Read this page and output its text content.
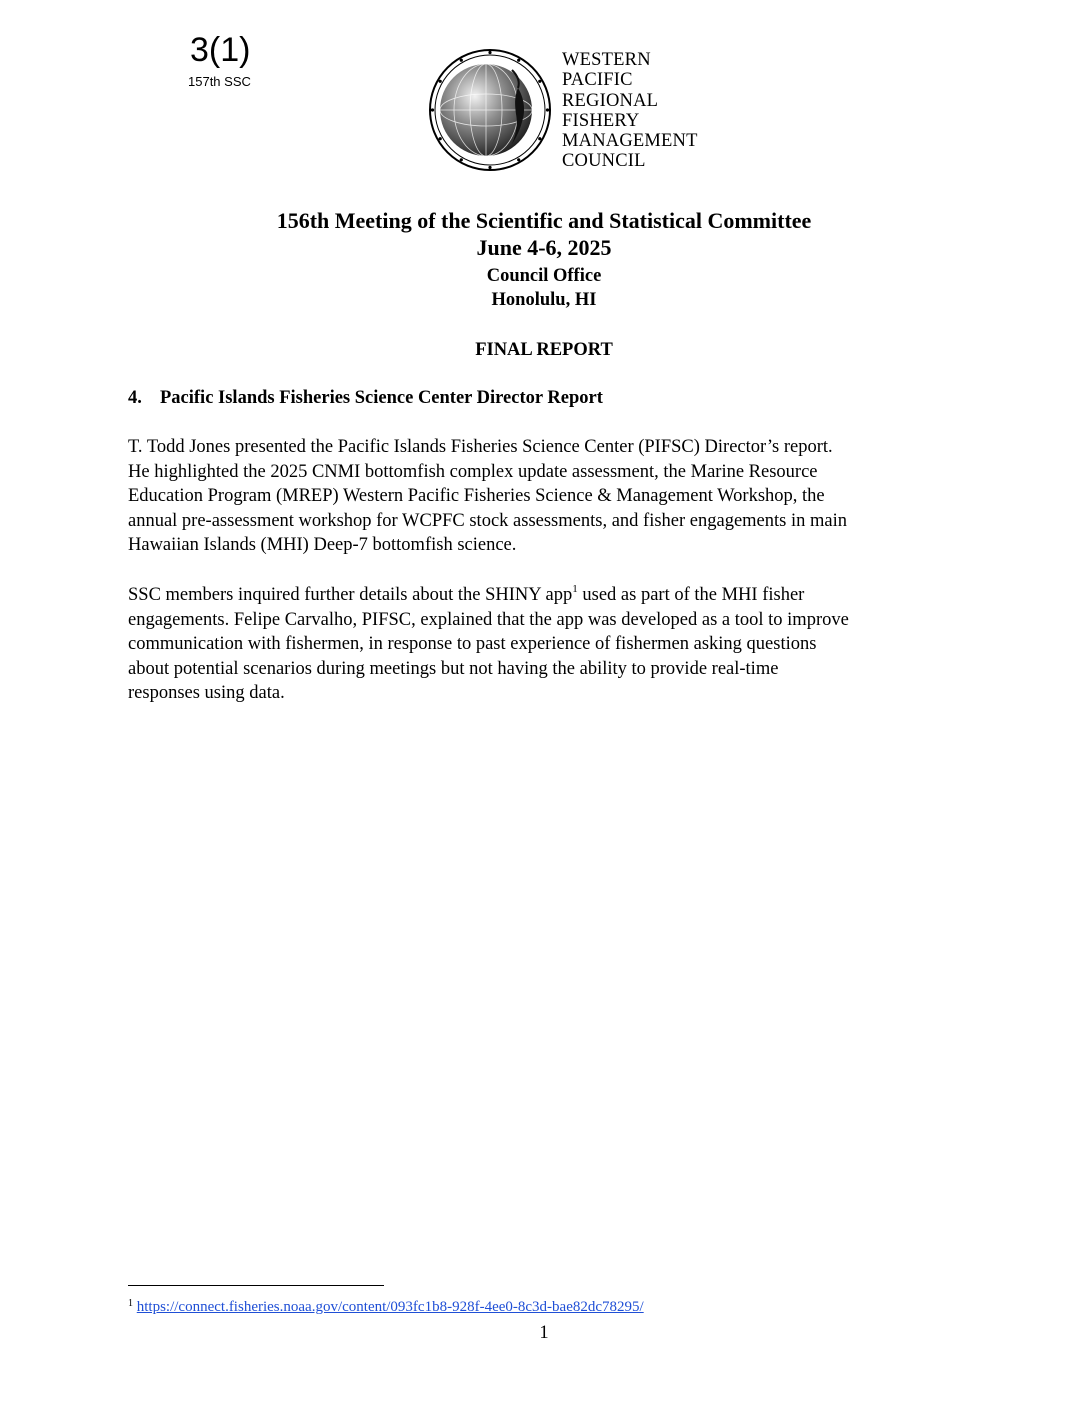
3(1)
157th SSC
WESTERN
PACIFIC
REGIONAL
FISHERY
MANAGEMENT
COUNCIL
156th Meeting of the Scientific and Statistical Committee
June 4-6, 2025
Council Office
Honolulu, HI
FINAL REPORT
4. Pacific Islands Fisheries Science Center Director Report
T. Todd Jones presented the Pacific Islands Fisheries Science Center (PIFSC) Director’s report.
He highlighted the 2025 CNMI bottomfish complex update assessment, the Marine Resource
Education Program (MREP) Western Pacific Fisheries Science & Management Workshop, the
annual pre-assessment workshop for WCPFC stock assessments, and fisher engagements in main
Hawaiian Islands (MHI) Deep-7 bottomfish science.
SSC members inquired further details about the SHINY app$^1$ used as part of the MHI fisher
engagements. Felipe Carvalho, PIFSC, explained that the app was developed as a tool to improve
communication with fishermen, in response to past experience of fishermen asking questions
about potential scenarios during meetings but not having the ability to provide real-time
responses using data.
$^1$ https://connect.fisheries.noaa.gov/content/093fc1b8-928f-4ee0-8c3d-bae82dc78295/
1
